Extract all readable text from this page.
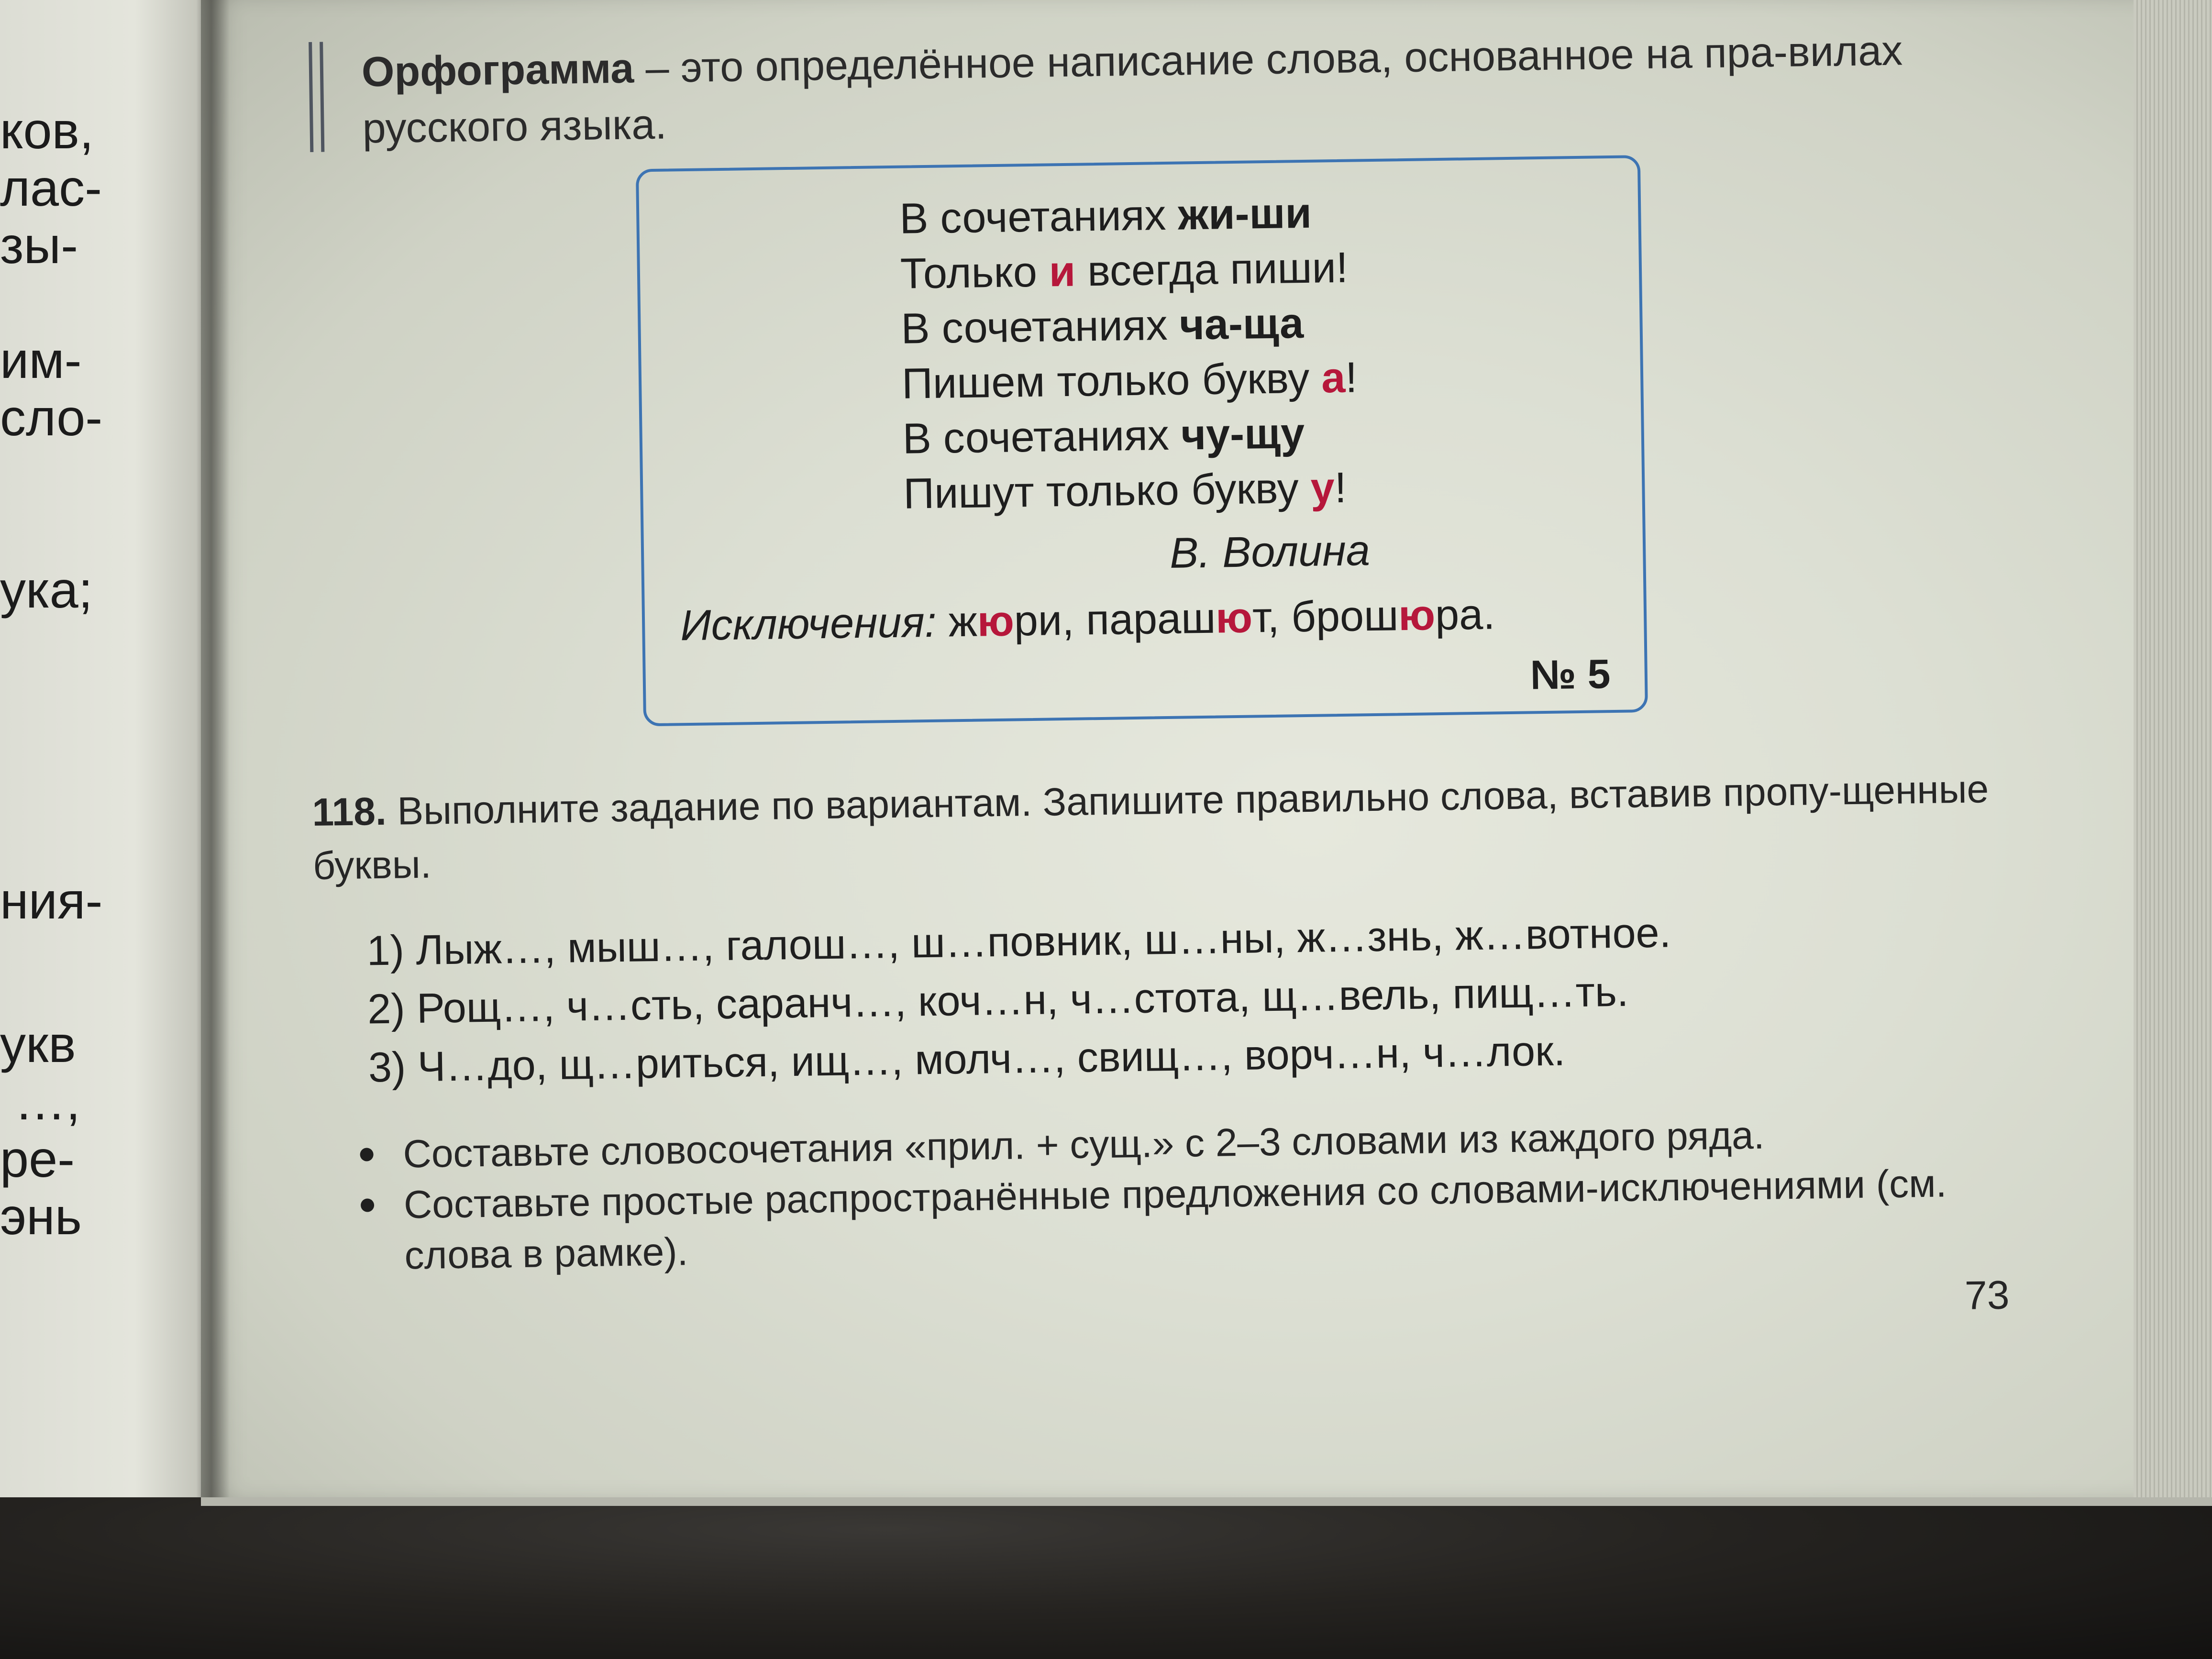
ков,
лас-
зы-
им-
сло-
ука;
ния-
укв
…,
ре-
энь
Орфограмма – это определённое написание слова, основанное на пра-вилах русского языка.
В сочетаниях жи-ши
Только и всегда пиши!
В сочетаниях ча-ща
Пишем только букву а!
В сочетаниях чу-щу
Пишут только букву у!
В. Волина
Исключения: жюри, парашют, брошюра.
№ 5
118. Выполните задание по вариантам. Запишите правильно слова, вставив пропу-щенные буквы.
1) Лыж…, мыш…, галош…, ш…повник, ш…ны, ж…знь, ж…вотное.
2) Рощ…, ч…сть, саранч…, коч…н, ч…стота, щ…вель, пищ…ть.
3) Ч…до, щ…риться, ищ…, молч…, свищ…, ворч…н, ч…лок.
Составьте словосочетания «прил. + сущ.» с 2–3 словами из каждого ряда.
Составьте простые распространённые предложения со словами-исключениями (см. слова в рамке).
73
